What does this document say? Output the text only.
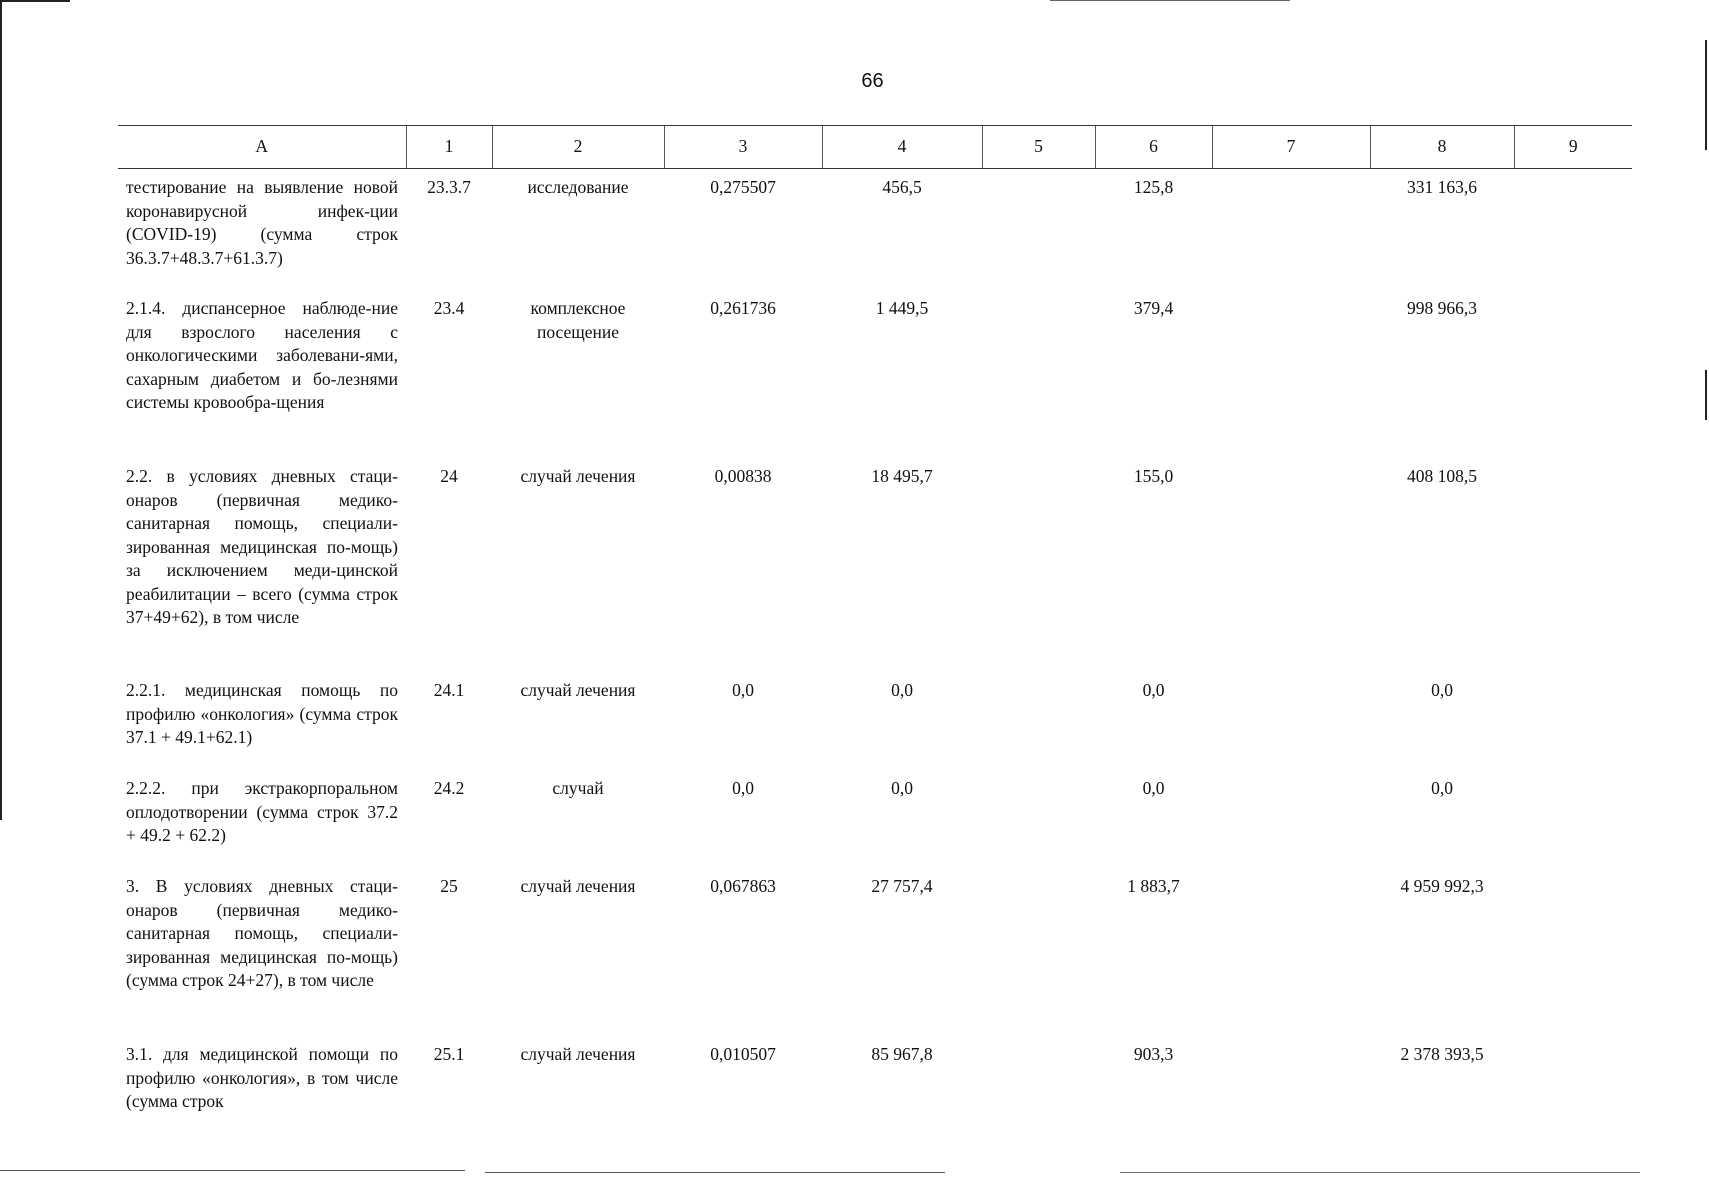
66
А	1	2	3	4	5	6	7	8	9
тестирование на выявление новой коронавирусной инфек-ции (COVID-19) (сумма строк 36.3.7+48.3.7+61.3.7)	23.3.7	исследование	0,275507	456,5		125,8		331 163,6	
2.1.4. диспансерное наблюде-ние для взрослого населения с онкологическими заболевани-ями, сахарным диабетом и бо-лезнями системы кровообра-щения	23.4	комплексное посещение	0,261736	1 449,5		379,4		998 966,3	
2.2. в условиях дневных стаци-онаров (первичная медико-санитарная помощь, специали-зированная медицинская по-мощь) за исключением меди-цинской реабилитации – всего (сумма строк 37+49+62), в том числе	24	случай лечения	0,00838	18 495,7		155,0		408 108,5	
2.2.1. медицинская помощь по профилю «онкология» (сумма строк 37.1 + 49.1+62.1)	24.1	случай лечения	0,0	0,0		0,0		0,0	
2.2.2. при экстракорпоральном оплодотворении (сумма строк 37.2 + 49.2 + 62.2)	24.2	случай	0,0	0,0		0,0		0,0	
3. В условиях дневных стаци-онаров (первичная медико-санитарная помощь, специали-зированная медицинская по-мощь) (сумма строк 24+27), в том числе	25	случай лечения	0,067863	27 757,4		1 883,7		4 959 992,3	
3.1. для медицинской помощи по профилю «онкология», в том числе (сумма строк	25.1	случай лечения	0,010507	85 967,8		903,3		2 378 393,5	
